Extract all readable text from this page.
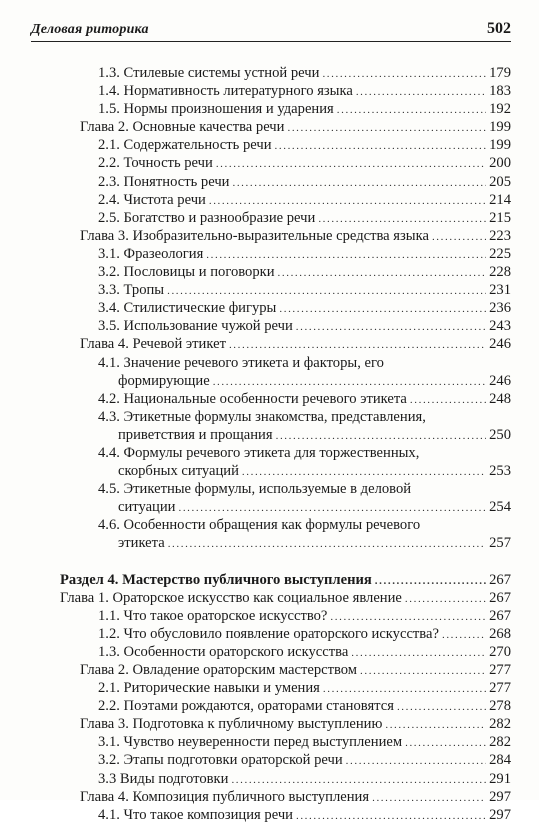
Деловая риторика	502
1.3. Стилевые системы устной речи .....	179
1.4. Нормативность литературного языка .....	183
1.5. Нормы произношения и ударения .....	192
Глава 2. Основные качества речи .....	199
2.1. Содержательность речи .....	199
2.2. Точность речи .....	200
2.3. Понятность речи .....	205
2.4. Чистота речи .....	214
2.5. Богатство и разнообразие речи .....	215
Глава 3. Изобразительно-выразительные средства языка .....	223
3.1. Фразеология .....	225
3.2. Пословицы и поговорки .....	228
3.3. Тропы .....	231
3.4. Стилистические фигуры .....	236
3.5. Использование чужой речи .....	243
Глава 4. Речевой этикет .....	246
4.1. Значение речевого этикета и факторы, его
формирующие .....	246
4.2. Национальные особенности речевого этикета .....	248
4.3. Этикетные формулы знакомства, представления,
приветствия и прощания .....	250
4.4. Формулы речевого этикета для торжественных,
скорбных ситуаций .....	253
4.5. Этикетные формулы, используемые в деловой
ситуации .....	254
4.6. Особенности обращения как формулы речевого
этикета .....	257
Раздел 4. Мастерство публичного выступления .....	267
Глава 1. Ораторское искусство как социальное явление .....	267
1.1. Что такое ораторское искусство? .....	267
1.2. Что обусловило появление ораторского искусства? .....	268
1.3. Особенности ораторского искусства .....	270
Глава 2. Овладение ораторским мастерством .....	277
2.1. Риторические навыки и умения .....	277
2.2. Поэтами рождаются, ораторами становятся .....	278
Глава 3. Подготовка к публичному выступлению .....	282
3.1. Чувство неуверенности перед выступлением .....	282
3.2. Этапы подготовки ораторской речи .....	284
3.3 Виды подготовки .....	291
Глава 4. Композиция публичного выступления .....	297
4.1. Что такое композиция речи .....	297
